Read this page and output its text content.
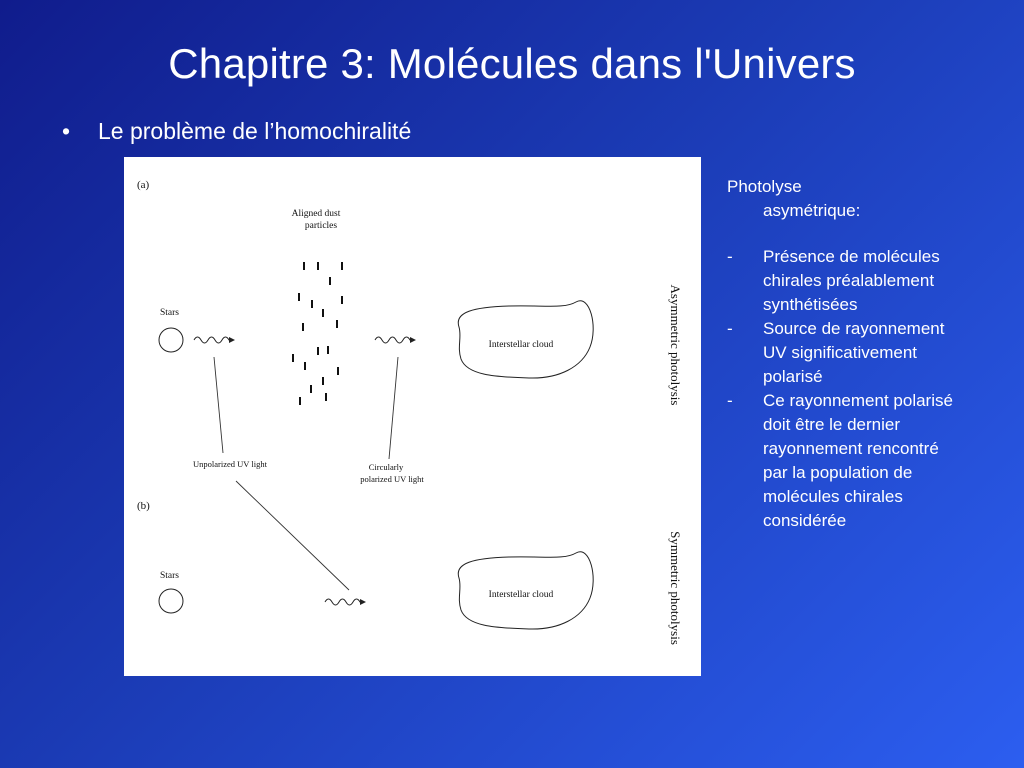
Chapitre 3: Molécules dans l'Univers
• Le problème de l’homochiralité
(a)
Aligned dust
particles
Stars
Interstellar cloud	Asymmetric photolysis
Unpolarized UV light	Circularly
polarized UV light
(b)
Stars
Interstellar cloud	Symmetric photolysis

Photolyse
asymétrique:

- Présence de molécules chirales préalablement synthétisées
- Source de rayonnement UV significativement polarisé
- Ce rayonnement polarisé doit être le dernier rayonnement rencontré par la population de molécules chirales considérée
